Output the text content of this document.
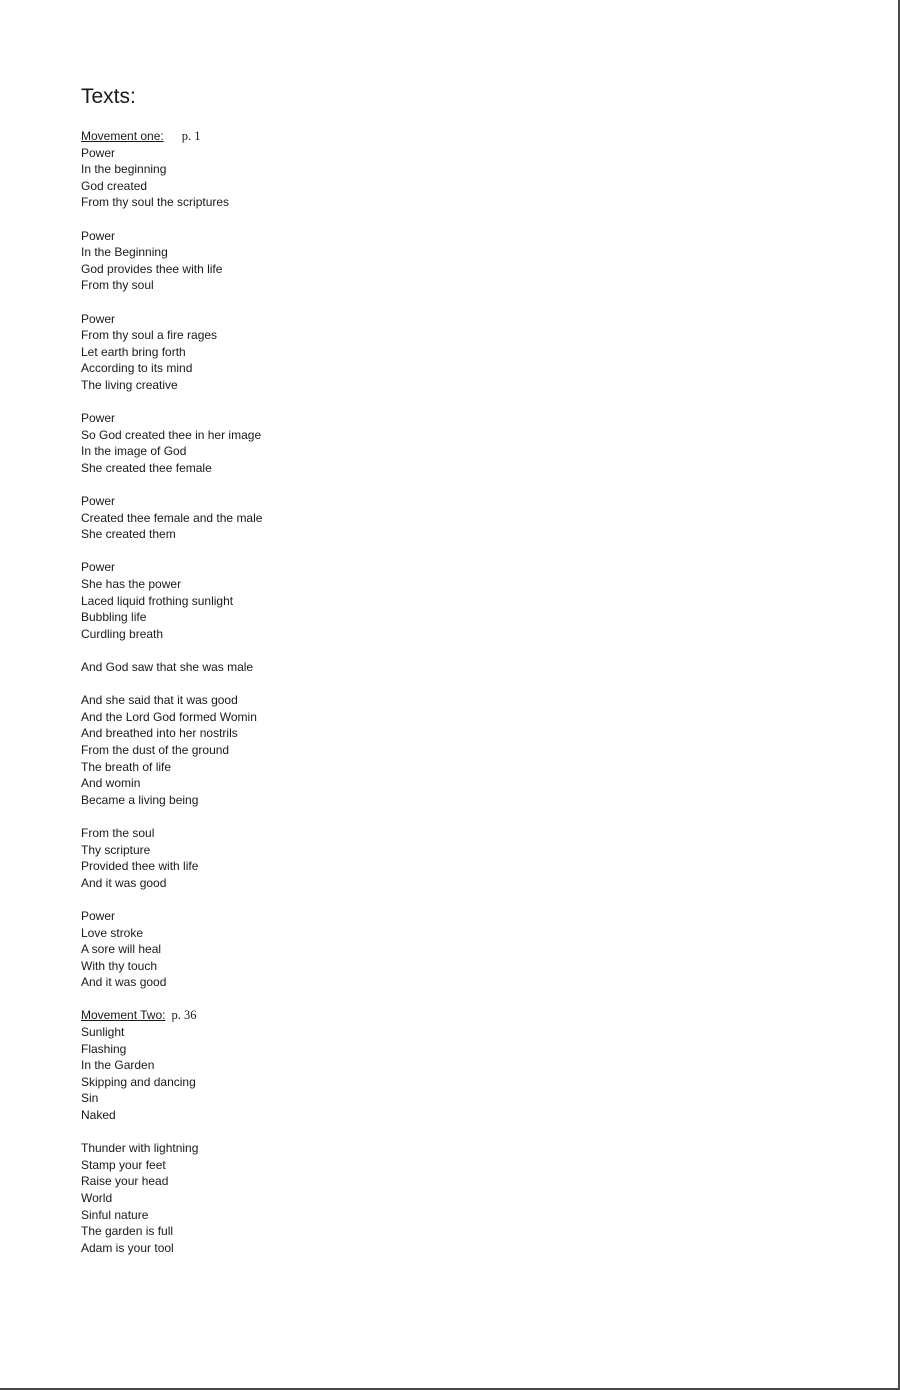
Texts:
Movement one: p. 1
Power
In the beginning
God created
From thy soul the scriptures
Power
In the Beginning
God provides thee with life
From thy soul
Power
From thy soul a fire rages
Let earth bring forth
According to its mind
The living creative
Power
So God created thee in her image
In the image of God
She created thee female
Power
Created thee female and the male
She created them
Power
She has the power
Laced liquid frothing sunlight
Bubbling life
Curdling breath
And God saw that she was male
And she said that it was good
And the Lord God formed Womin
And breathed into her nostrils
From the dust of the ground
The breath of life
And womin
Became a living being
From the soul
Thy scripture
Provided thee with life
And it was good
Power
Love stroke
A sore will heal
With thy touch
And it was good
Movement Two: p. 36
Sunlight
Flashing
In the Garden
Skipping and dancing
Sin
Naked
Thunder with lightning
Stamp your feet
Raise your head
World
Sinful nature
The garden is full
Adam is your tool
